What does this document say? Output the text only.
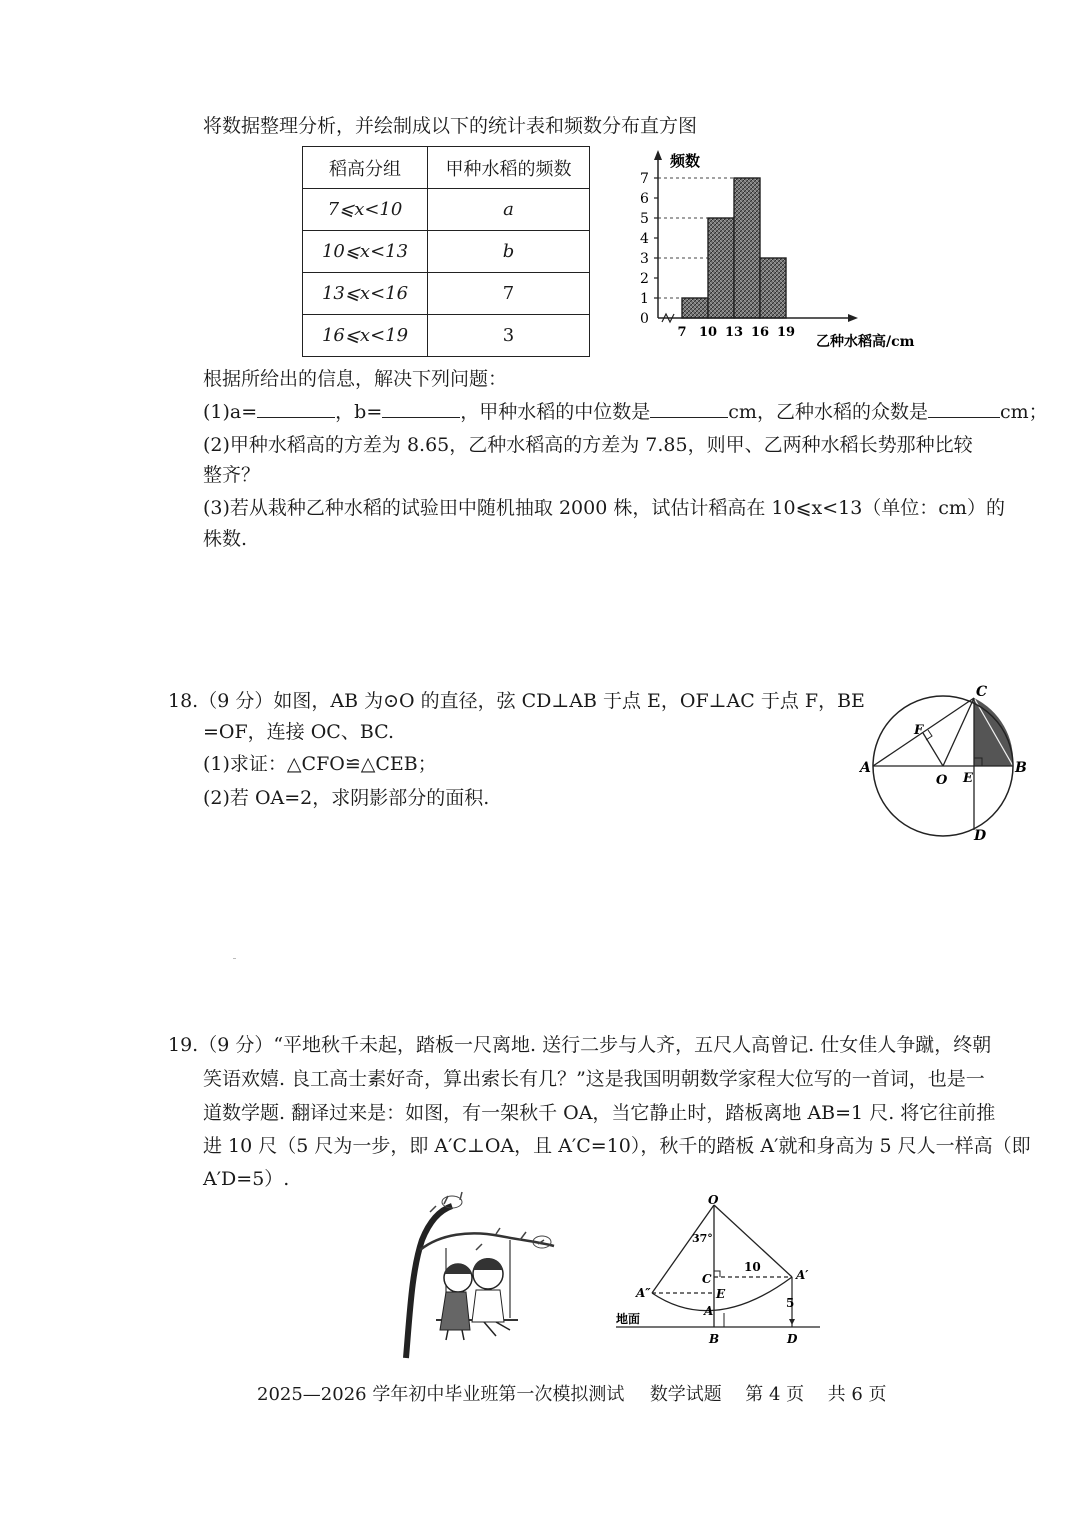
将数据整理分析，并绘制成以下的统计表和频数分布直方图
稻高分组	甲种水稻的频数
7⩽x<10	a
10⩽x<13	b
13⩽x<16	7
16⩽x<19	3
0
1
2
3
4
5
6
7
7 10 13 16 19
频数
乙种水稻高/cm
根据所给出的信息，解决下列问题：
(1)a=	，b=	，甲种水稻的中位数是	cm，乙种水稻的众数是	cm；
(2)甲种水稻高的方差为 8.65，乙种水稻高的方差为 7.85，则甲、乙两种水稻长势那种比较
整齐？
(3)若从栽种乙种水稻的试验田中随机抽取 2000 株，试估计稻高在 10⩽x<13（单位：cm）的
株数.
18.（9 分）如图，AB 为⊙O 的直径，弦 CD⊥AB 于点 E，OF⊥AC 于点 F，BE
=OF，连接 OC、BC.
(1)求证：△CFO≌△CEB；
(2)若 OA=2，求阴影部分的面积.
A	B
C
D
E
F
O
19.（9 分）“平地秋千未起，踏板一尺离地. 送行二步与人齐，五尺人高曾记. 仕女佳人争蹴，终朝
笑语欢嬉. 良工高士素好奇，算出索长有几？”这是我国明朝数学家程大位写的一首词，也是一
道数学题. 翻译过来是：如图，有一架秋千 OA，当它静止时，踏板离地 AB=1 尺. 将它往前推
进 10 尺（5 尺为一步，即 A′C⊥OA，且 A′C=10），秋千的踏板 A′就和身高为 5 尺人一样高（即
A′D=5）.
O
37°
C
10
A′
A″	E
A
5
地面
B	D
2025—2026 学年初中毕业班第一次模拟测试 数学试题 第 4 页 共 6 页
